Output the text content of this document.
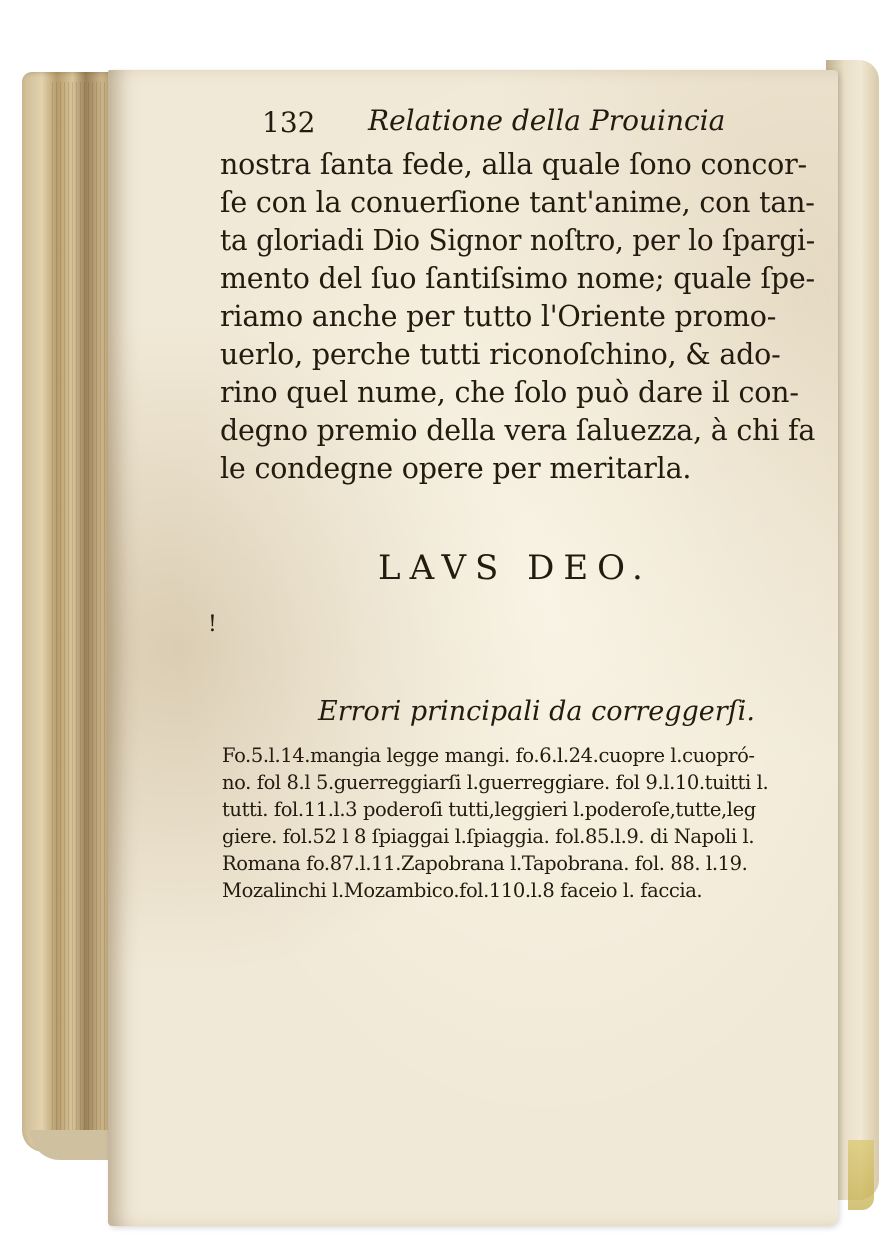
132 Relatione della Prouincia
nostra ſanta fede, alla quale ſono concor-
ſe con la conuerſione tant'anime, con tan-
ta gloriadi Dio Signor noſtro, per lo ſpargi-
mento del ſuo ſantiſsimo nome; quale ſpe-
riamo anche per tutto l'Oriente promo-
uerlo, perche tutti riconoſchino, & ado-
rino quel nume, che ſolo può dare il con-
degno premio della vera ſaluezza, à chi fa
le condegne opere per meritarla.
LAVS DEO.
!
Errori principali da correggerſi.
Fo.5.l.14.mangia legge mangi. fo.6.l.24.cuopre l.cuopró-
no. fol 8.l 5.guerreggiarſi l.guerreggiare. fol 9.l.10.tuitti l.
tutti. fol.11.l.3 poderoſi tutti,leggieri l.poderoſe,tutte,leg
giere. fol.52 l 8 ſpiaggai l.ſpiaggia. fol.85.l.9. di Napoli l.
Romana fo.87.l.11.Zapobrana l.Tapobrana. fol. 88. l.19.
Mozalinchi l.Mozambico.fol.110.l.8 faceio l. faccia.
